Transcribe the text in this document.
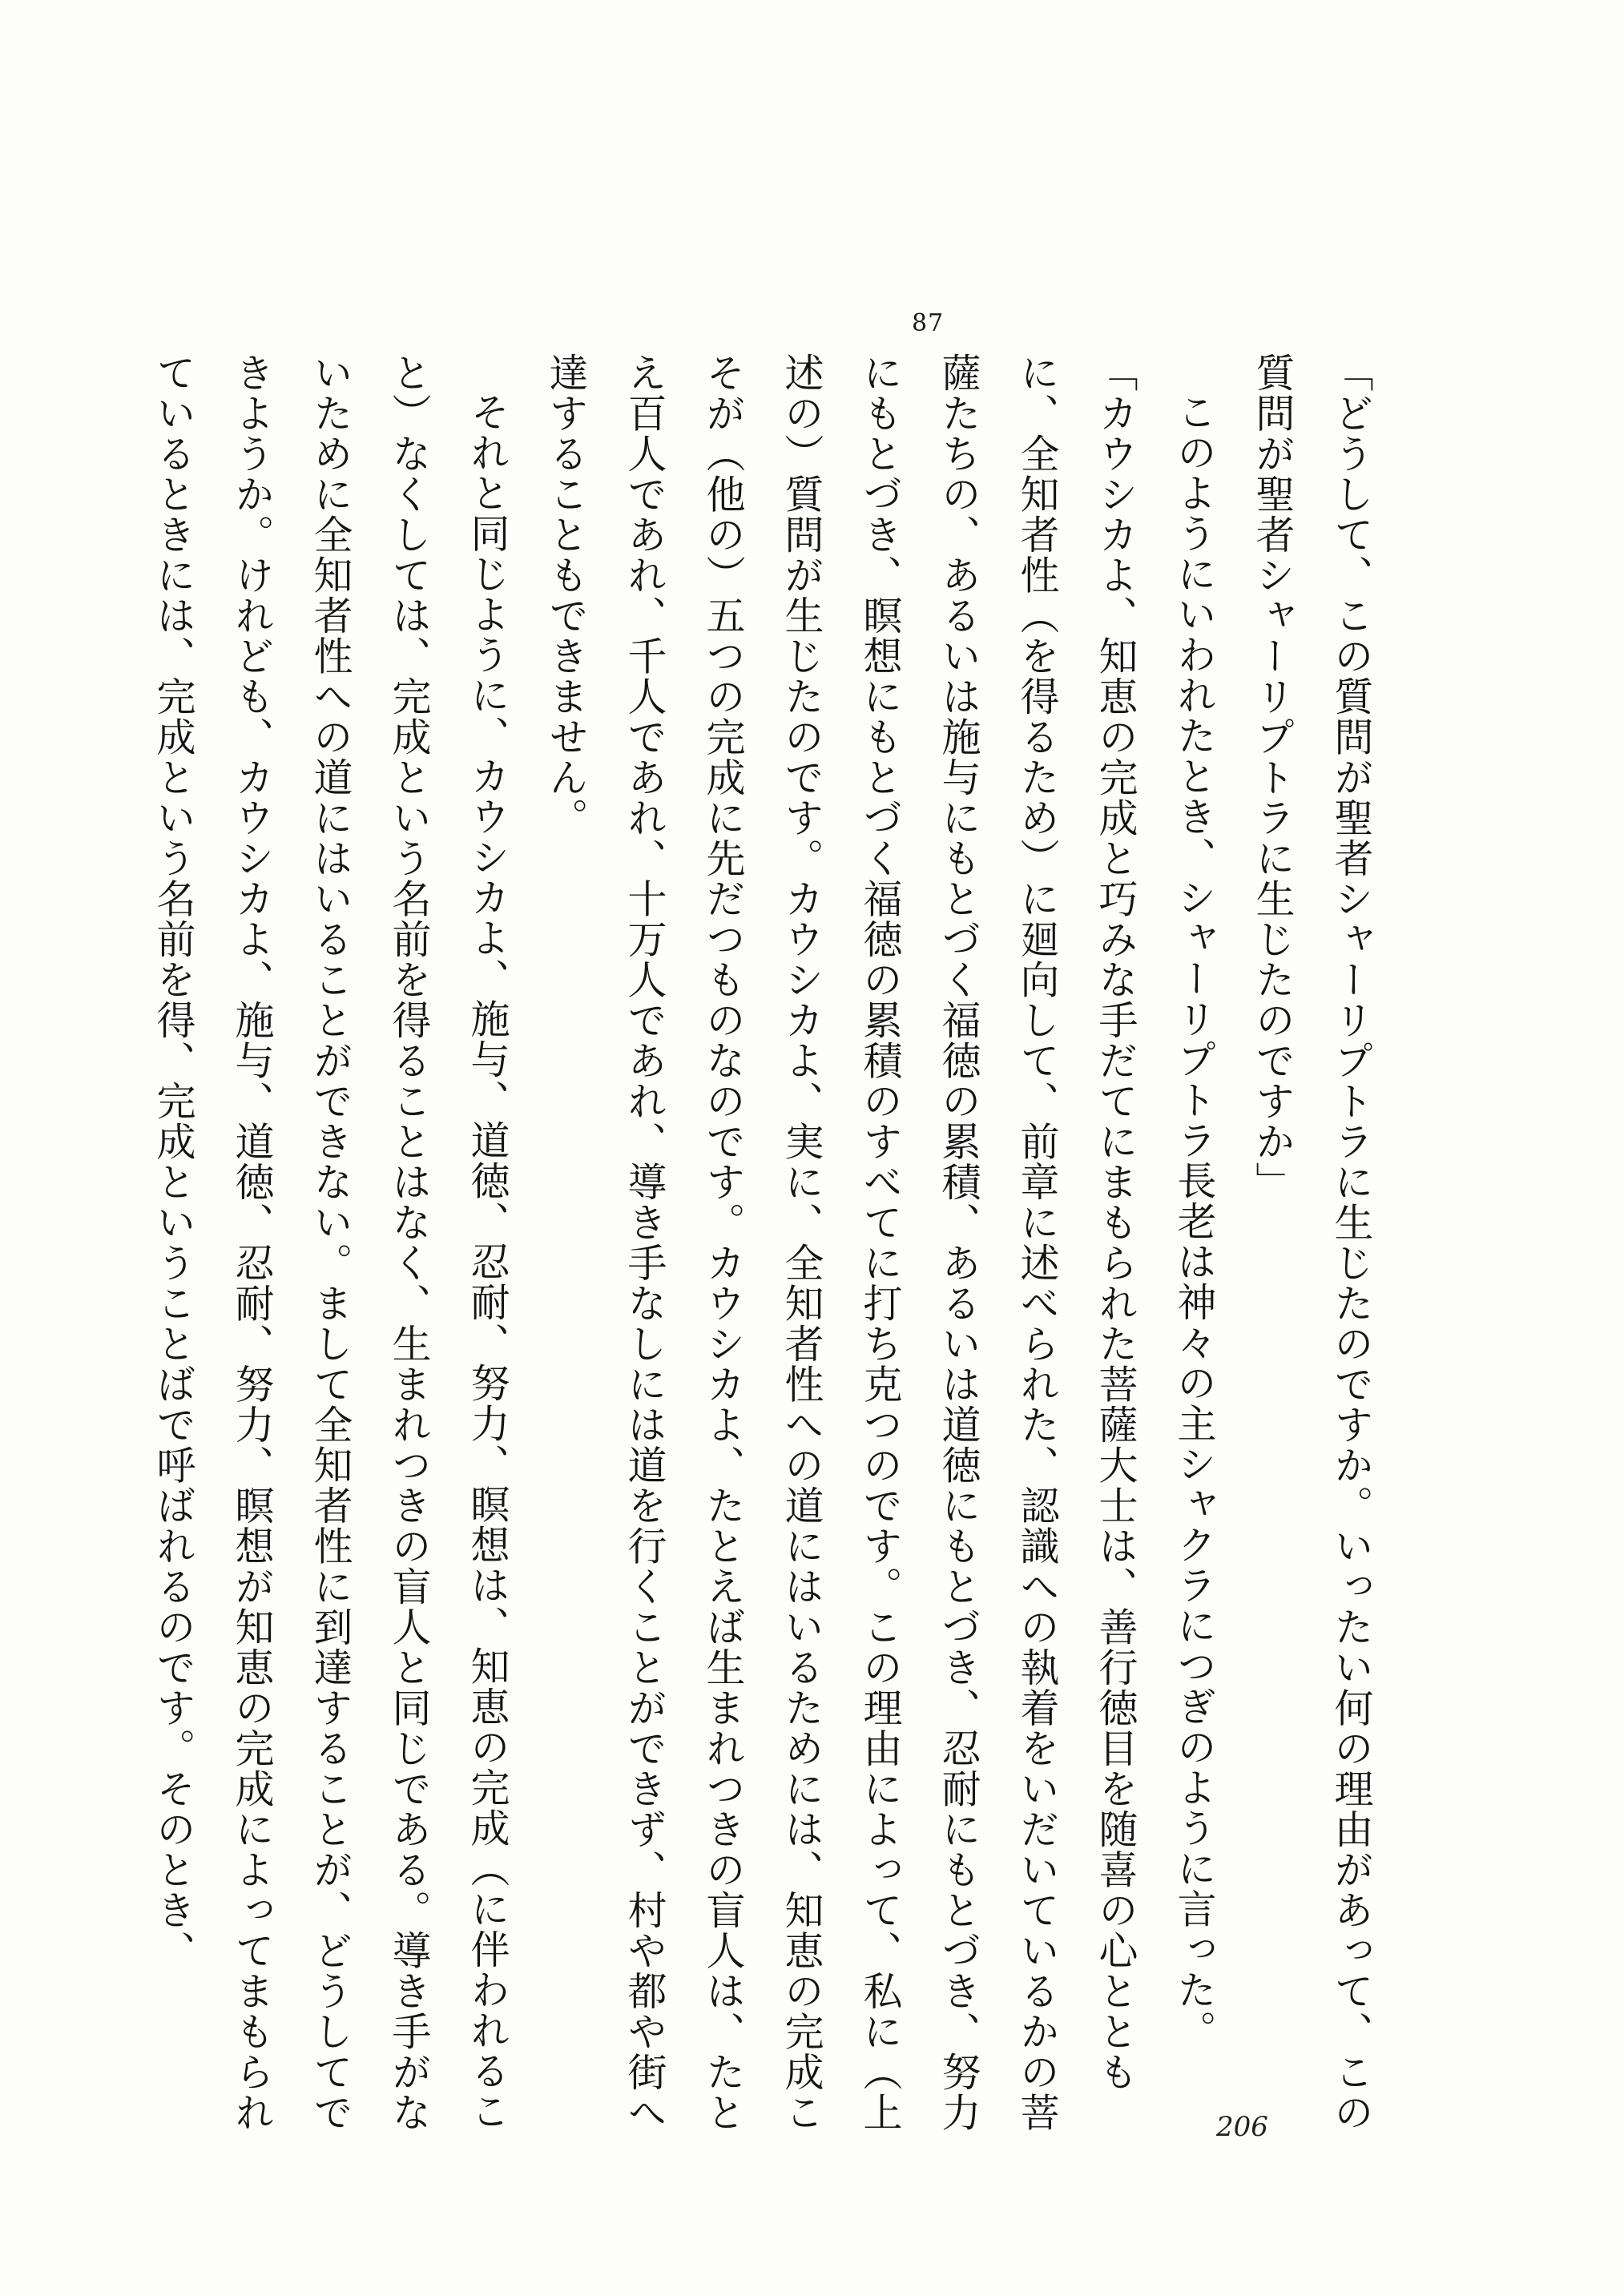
87

「どうして、この質問が聖者シャーリプトラに生じたのですか。いったい何の理由があって、この質問が聖者シャーリプトラに生じたのですか」

このようにいわれたとき、シャーリプトラ長老は神々の主シャクラにつぎのように言った。

「カウシカよ、知恵の完成と巧みな手だてにまもられた菩薩大士は、善行徳目を随喜の心とともに、全知者性（を得るため）に廻向して、前章に述べられた、認識への執着をいだいているかの菩薩たちの、あるいは施与にもとづく福徳の累積、あるいは道徳にもとづき、忍耐にもとづき、努力にもとづき、瞑想にもとづく福徳の累積のすべてに打ち克つのです。この理由によって、私に（上述の）質問が生じたのです。カウシカよ、実に、全知者性への道にはいるためには、知恵の完成こそが（他の）五つの完成に先だつものなのです。カウシカよ、たとえば生まれつきの盲人は、たとえ百人であれ、千人であれ、十万人であれ、導き手なしには道を行くことができず、村や都や街へ達することもできません。

それと同じように、カウシカよ、施与、道徳、忍耐、努力、瞑想は、知恵の完成（に伴われること）なくしては、完成という名前を得ることはなく、生まれつきの盲人と同じである。導き手がないために全知者性への道にはいることができない。まして全知者性に到達することが、どうしてできようか。けれども、カウシカよ、施与、道徳、忍耐、努力、瞑想が知恵の完成によってまもられているときには、完成という名前を得、完成ということばで呼ばれるのです。そのとき、

206
